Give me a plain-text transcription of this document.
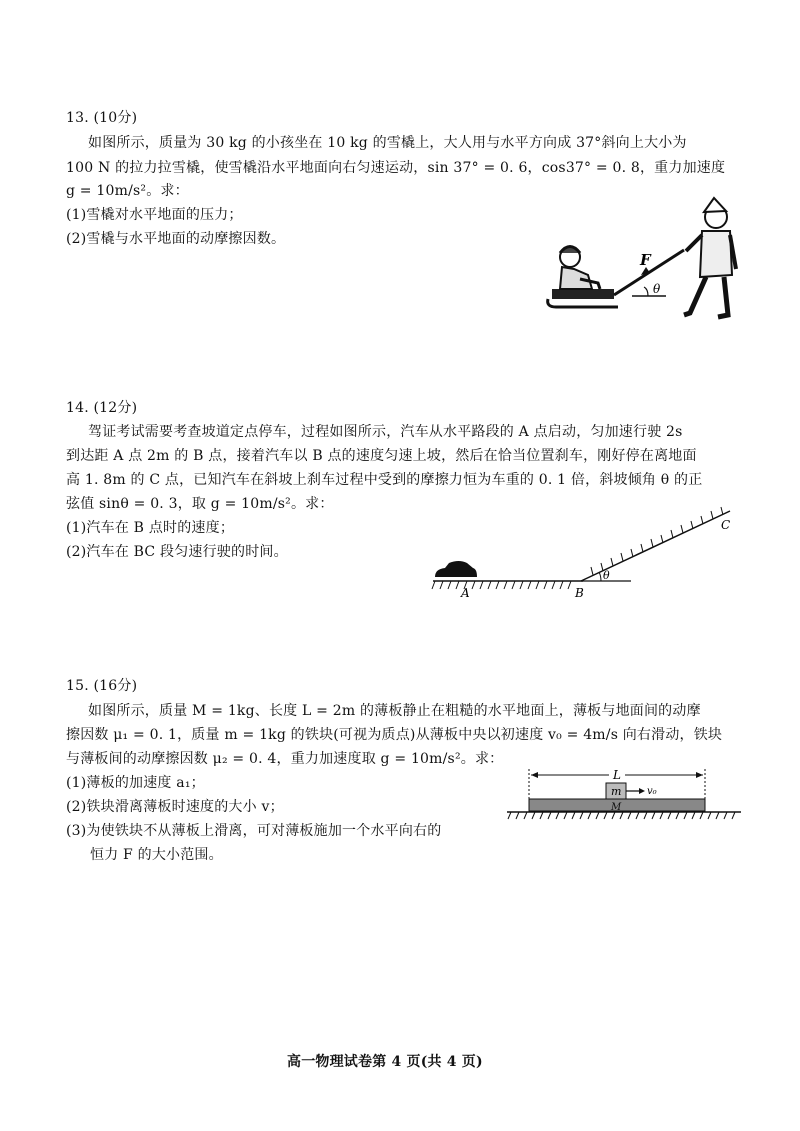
13. (10分)
如图所示，质量为 30 kg 的小孩坐在 10 kg 的雪橇上，大人用与水平方向成 37°斜向上大小为
100 N 的拉力拉雪橇，使雪橇沿水平地面向右匀速运动，sin 37° = 0. 6，cos37° = 0. 8，重力加速度
g = 10m/s²。求：
(1)雪橇对水平地面的压力；
(2)雪橇与水平地面的动摩擦因数。
F
θ
14. (12分)
驾证考试需要考查坡道定点停车，过程如图所示，汽车从水平路段的 A 点启动，匀加速行驶 2s
到达距 A 点 2m 的 B 点，接着汽车以 B 点的速度匀速上坡，然后在恰当位置刹车，刚好停在离地面
高 1. 8m 的 C 点，已知汽车在斜坡上刹车过程中受到的摩擦力恒为车重的 0. 1 倍，斜坡倾角 θ 的正
弦值 sinθ = 0. 3，取 g = 10m/s²。求：
(1)汽车在 B 点时的速度；
(2)汽车在 BC 段匀速行驶的时间。
θ
A	B
C
15. (16分)
如图所示，质量 M = 1kg、长度 L = 2m 的薄板静止在粗糙的水平地面上，薄板与地面间的动摩
擦因数 μ₁ = 0. 1，质量 m = 1kg 的铁块(可视为质点)从薄板中央以初速度 v₀ = 4m/s 向右滑动，铁块
与薄板间的动摩擦因数 μ₂ = 0. 4，重力加速度取 g = 10m/s²。求：
(1)薄板的加速度 a₁；
(2)铁块滑离薄板时速度的大小 v；
(3)为使铁块不从薄板上滑离，可对薄板施加一个水平向右的
恒力 F 的大小范围。
L
M
m	v₀
高一物理试卷第 4 页(共 4 页)
